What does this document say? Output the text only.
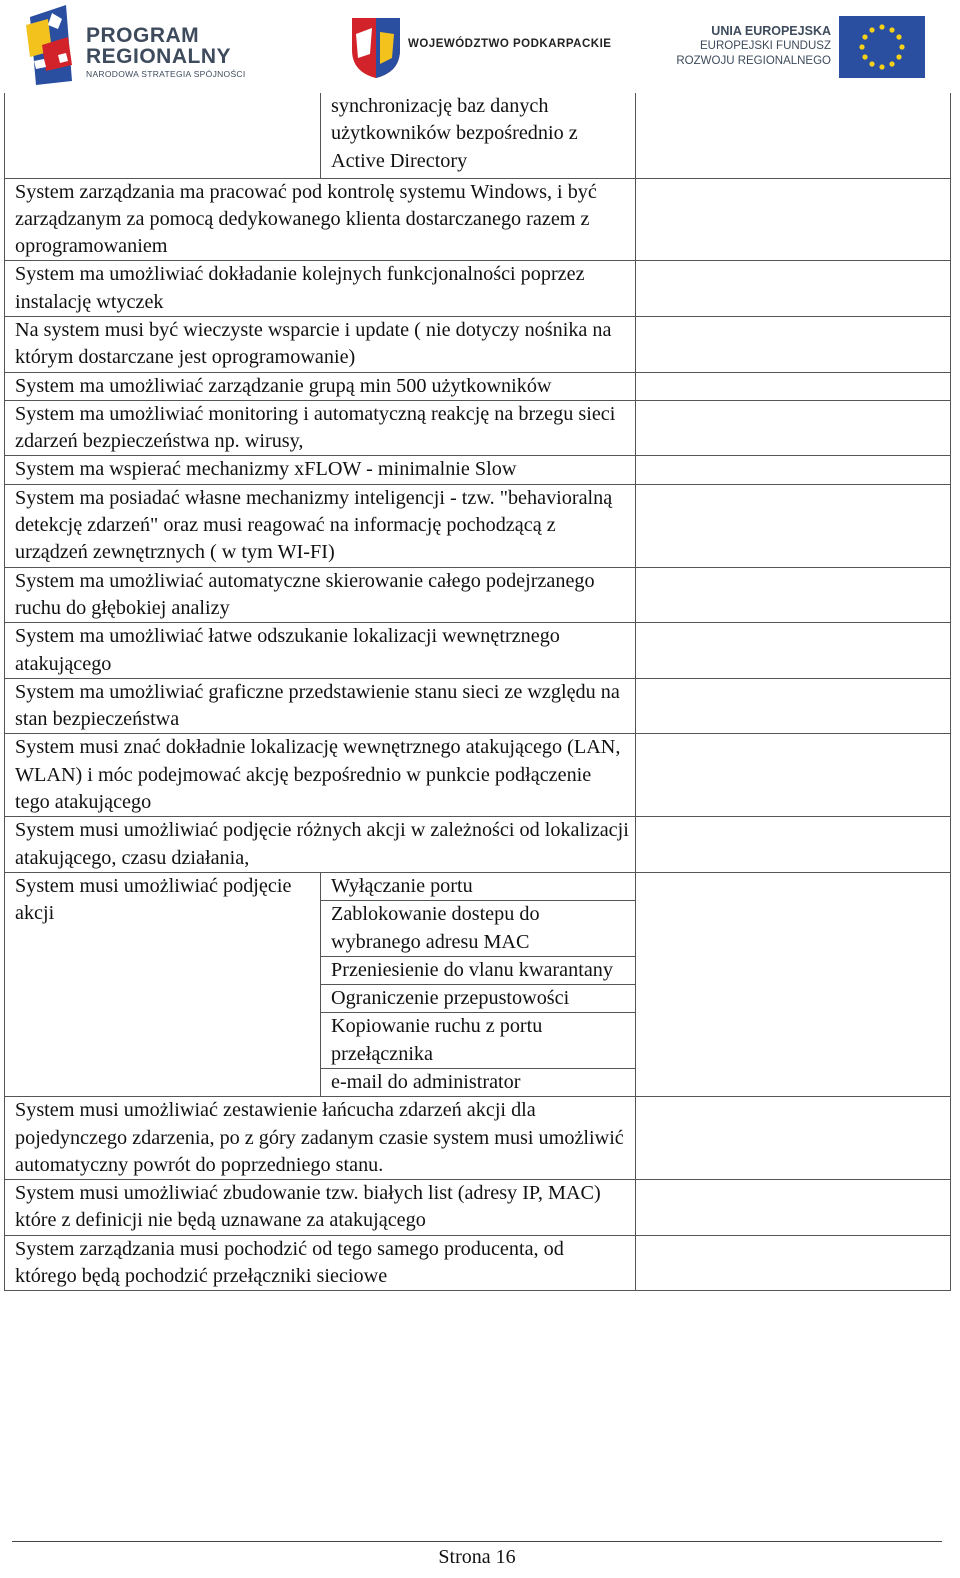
PROGRAM
REGIONALNY
NARODOWA STRATEGIA SPÓJNOŚCI
WOJEWÓDZTWO PODKARPACKIE
UNIA EUROPEJSKA
EUROPEJSKI FUNDUSZ
ROZWOJU REGIONALNEGO
	synchronizację baz danych użytkowników bezpośrednio z Active Directory	
System zarządzania ma pracować pod kontrolę systemu Windows, i być zarządzanym za pomocą dedykowanego klienta dostarczanego razem z oprogramowaniem		
System ma umożliwiać dokładanie kolejnych funkcjonalności poprzez instalację wtyczek		
Na system musi być wieczyste wsparcie i update ( nie dotyczy nośnika na którym dostarczane jest oprogramowanie)		
System ma umożliwiać zarządzanie grupą min 500 użytkowników		
System ma umożliwiać monitoring i automatyczną reakcję na brzegu sieci zdarzeń bezpieczeństwa np. wirusy,		
System ma wspierać mechanizmy xFLOW - minimalnie Slow		
System ma posiadać własne mechanizmy inteligencji - tzw. "behavioralną detekcję zdarzeń" oraz musi reagować na informację pochodzącą z urządzeń zewnętrznych ( w tym WI-FI)		
System ma umożliwiać automatyczne skierowanie całego podejrzanego ruchu do głębokiej analizy		
System ma umożliwiać łatwe odszukanie lokalizacji wewnętrznego atakującego		
System ma umożliwiać graficzne przedstawienie stanu sieci ze względu na stan bezpieczeństwa		
System musi znać dokładnie lokalizację wewnętrznego atakującego (LAN, WLAN) i móc podejmować akcję bezpośrednio w punkcie podłączenie tego atakującego		
System musi umożliwiać podjęcie różnych akcji w zależności od lokalizacji atakującego, czasu działania,		
System musi umożliwiać podjęcie akcji	Wyłączanie portu	
	Zablokowanie dostepu do wybranego adresu MAC	
	Przeniesienie do vlanu kwarantany	
	Ograniczenie przepustowości	
	Kopiowanie ruchu z portu przełącznika	
	e-mail do administrator	
System musi umożliwiać zestawienie łańcucha zdarzeń akcji dla pojedynczego zdarzenia, po z góry zadanym czasie system musi umożliwić automatyczny powrót do poprzedniego stanu.		
System musi umożliwiać zbudowanie tzw. białych list (adresy IP, MAC) które z definicji nie będą uznawane za atakującego		
System zarządzania musi pochodzić od tego samego producenta, od którego będą pochodzić przełączniki sieciowe		
Strona 16
